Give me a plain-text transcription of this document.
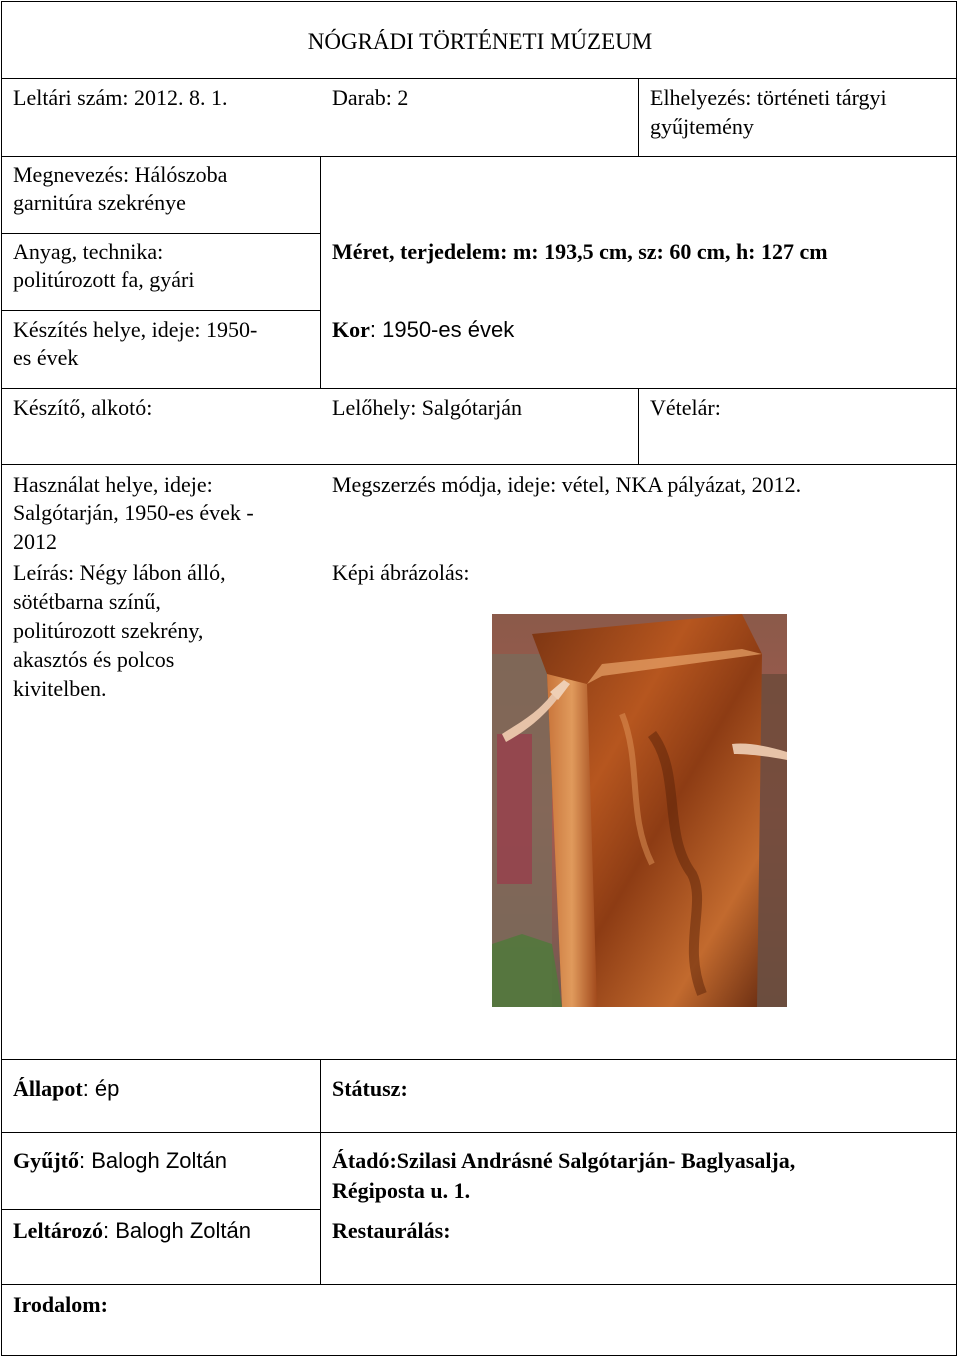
NÓGRÁDI TÖRTÉNETI MÚZEUM
Leltári szám: 2012. 8. 1.	Darab: 2	Elhelyezés: történeti tárgyi
gyűjtemény
Megnevezés: Hálószoba
garnitúra szekrénye
Anyag, technika:
politúrozott fa, gyári
Készítés helye, ideje: 1950-
es évek
Méret, terjedelem: m: 193,5 cm, sz: 60 cm, h: 127 cm
Kor: 1950-es évek
Készítő, alkotó:	Lelőhely: Salgótarján	Vételár:
Használat helye, ideje:
Salgótarján, 1950-es évek -
2012
Leírás: Négy lábon álló,
sötétbarna színű,
politúrozott szekrény,
akasztós és polcos
kivitelben.
Megszerzés módja, ideje: vétel, NKA pályázat, 2012.
Képi ábrázolás:
Állapot: ép	Státusz:
Gyűjtő: Balogh Zoltán	Átadó:Szilasi Andrásné Salgótarján- Baglyasalja,
Régiposta u. 1.
Leltározó: Balogh Zoltán	Restaurálás:
Irodalom:
